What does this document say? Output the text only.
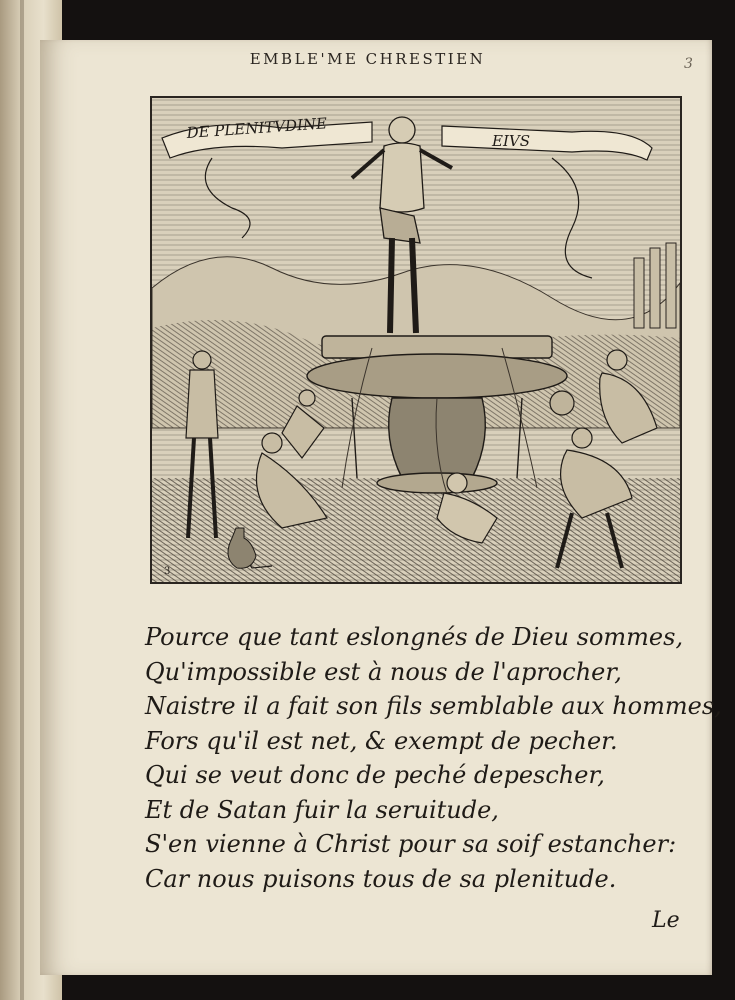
EMBLE'ME CHRESTIEN	3
DE PLENITVDINE	EIVS
3
Pource que tant eslongnés de Dieu sommes,
Qu'impossible est à nous de l'aprocher,
Naistre il a fait son fils semblable aux hommes,
Fors qu'il est net, & exempt de pecher.
Qui se veut donc de peché depescher,
Et de Satan fuir la seruitude,
S'en vienne à Christ pour sa soif estancher:
Car nous puisons tous de sa plenitude.
Le
